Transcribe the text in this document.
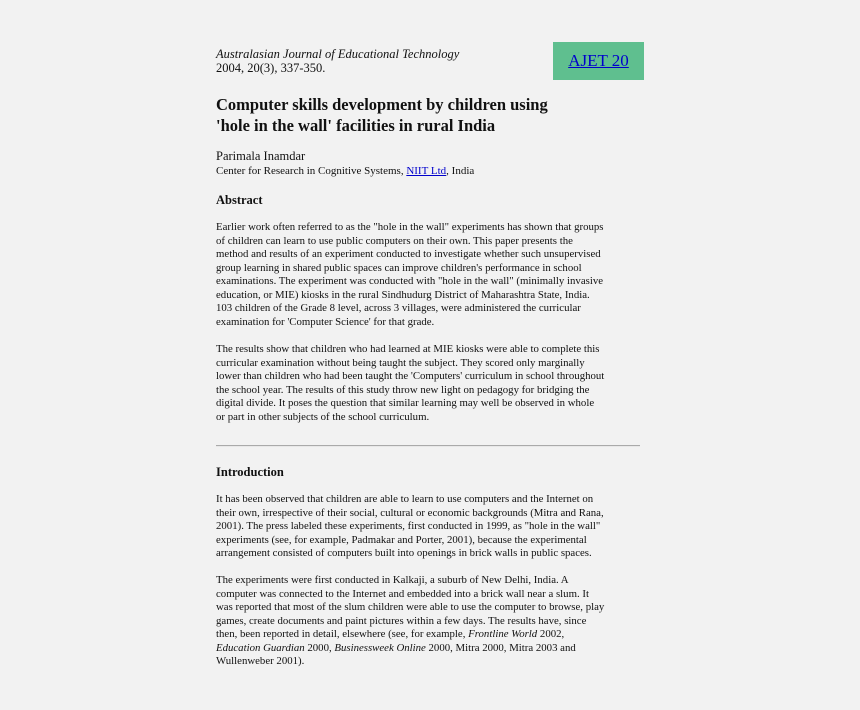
Australasian Journal of Educational Technology
2004, 20(3), 337-350.	AJET 20
Computer skills development by children using
'hole in the wall' facilities in rural India
Parimala Inamdar
Center for Research in Cognitive Systems, NIIT Ltd, India
Abstract

Earlier work often referred to as the "hole in the wall" experiments has shown that groups
of children can learn to use public computers on their own. This paper presents the
method and results of an experiment conducted to investigate whether such unsupervised
group learning in shared public spaces can improve children's performance in school
examinations. The experiment was conducted with "hole in the wall" (minimally invasive
education, or MIE) kiosks in the rural Sindhudurg District of Maharashtra State, India.
103 children of the Grade 8 level, across 3 villages, were administered the curricular
examination for 'Computer Science' for that grade.

The results show that children who had learned at MIE kiosks were able to complete this
curricular examination without being taught the subject. They scored only marginally
lower than children who had been taught the 'Computers' curriculum in school throughout
the school year. The results of this study throw new light on pedagogy for bridging the
digital divide. It poses the question that similar learning may well be observed in whole
or part in other subjects of the school curriculum.

Introduction

It has been observed that children are able to learn to use computers and the Internet on
their own, irrespective of their social, cultural or economic backgrounds (Mitra and Rana,
2001). The press labeled these experiments, first conducted in 1999, as "hole in the wall"
experiments (see, for example, Padmakar and Porter, 2001), because the experimental
arrangement consisted of computers built into openings in brick walls in public spaces.

The experiments were first conducted in Kalkaji, a suburb of New Delhi, India. A
computer was connected to the Internet and embedded into a brick wall near a slum. It
was reported that most of the slum children were able to use the computer to browse, play
games, create documents and paint pictures within a few days. The results have, since
then, been reported in detail, elsewhere (see, for example, Frontline World 2002,
Education Guardian 2000, Businessweek Online 2000, Mitra 2000, Mitra 2003 and
Wullenweber 2001).
